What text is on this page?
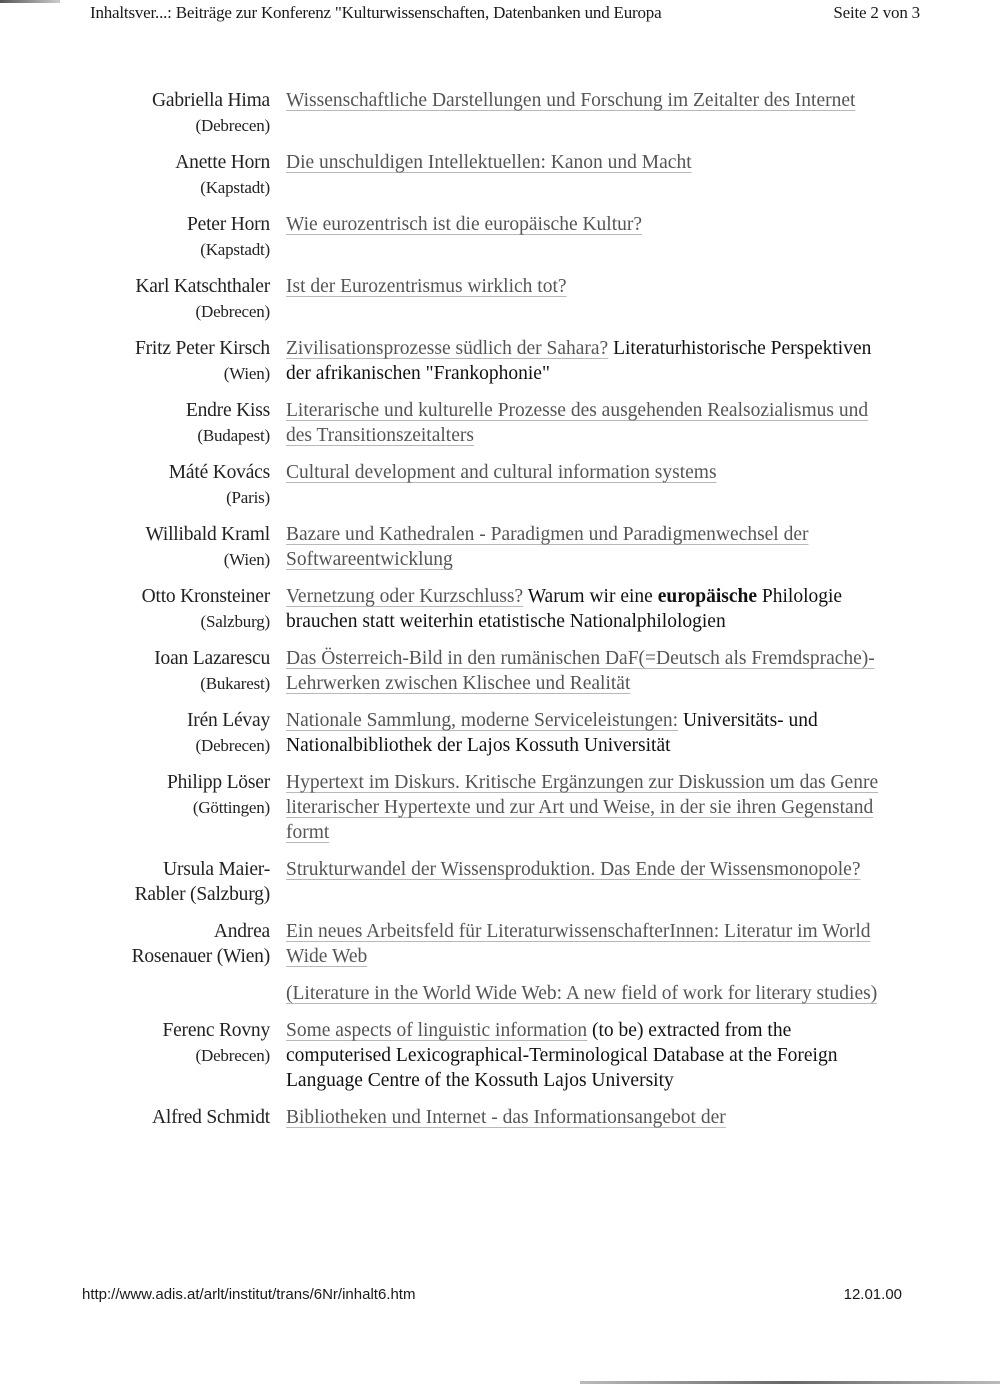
Inhaltsver...: Beiträge zur Konferenz "Kulturwissenschaften, Datenbanken und Europa	Seite 2 von 3
Gabriella Hima
(Debrecen)
Wissenschaftliche Darstellungen und Forschung im Zeitalter des Internet
Anette Horn
(Kapstadt)
Die unschuldigen Intellektuellen: Kanon und Macht
Peter Horn
(Kapstadt)
Wie eurozentrisch ist die europäische Kultur?
Karl Katschthaler
(Debrecen)
Ist der Eurozentrismus wirklich tot?
Fritz Peter Kirsch
(Wien)
Zivilisationsprozesse südlich der Sahara? Literaturhistorische Perspektiven der afrikanischen "Frankophonie"
Endre Kiss
(Budapest)
Literarische und kulturelle Prozesse des ausgehenden Realsozialismus und des Transitionszeitalters
Máté Kovács
(Paris)
Cultural development and cultural information systems
Willibald Kraml
(Wien)
Bazare und Kathedralen - Paradigmen und Paradigmenwechsel der Softwareentwicklung
Otto Kronsteiner
(Salzburg)
Vernetzung oder Kurzschluss? Warum wir eine europäische Philologie brauchen statt weiterhin etatistische Nationalphilologien
Ioan Lazarescu
(Bukarest)
Das Österreich-Bild in den rumänischen DaF(=Deutsch als Fremdsprache)-Lehrwerken zwischen Klischee und Realität
Irén Lévay
(Debrecen)
Nationale Sammlung, moderne Serviceleistungen: Universitäts- und Nationalbibliothek der Lajos Kossuth Universität
Philipp Löser
(Göttingen)
Hypertext im Diskurs. Kritische Ergänzungen zur Diskussion um das Genre literarischer Hypertexte und zur Art und Weise, in der sie ihren Gegenstand formt
Ursula Maier-
Rabler (Salzburg)
Strukturwandel der Wissensproduktion. Das Ende der Wissensmonopole?
Andrea
Rosenauer (Wien)
Ein neues Arbeitsfeld für LiteraturwissenschafterInnen: Literatur im World Wide Web
(Literature in the World Wide Web: A new field of work for literary studies)
Ferenc Rovny
(Debrecen)
Some aspects of linguistic information (to be) extracted from the computerised Lexicographical-Terminological Database at the Foreign Language Centre of the Kossuth Lajos University
Alfred Schmidt Bibliotheken und Internet - das Informationsangebot der
http://www.adis.at/arlt/institut/trans/6Nr/inhalt6.htm	12.01.00
